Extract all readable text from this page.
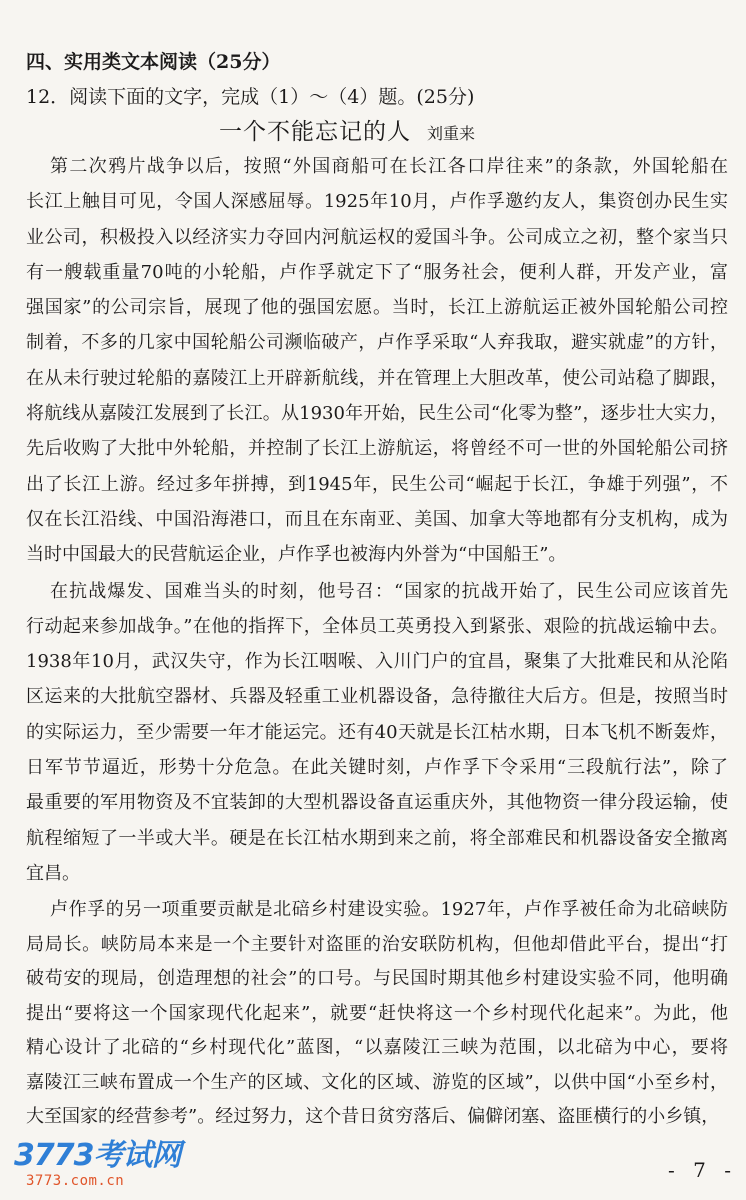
四、实用类文本阅读（25分）
12．阅读下面的文字，完成（1）～（4）题。(25分)
一个不能忘记的人 刘重来
第二次鸦片战争以后，按照“外国商船可在长江各口岸往来”的条款，外国轮船在
长江上触目可见，令国人深感屈辱。1925年10月，卢作孚邀约友人，集资创办民生实
业公司，积极投入以经济实力夺回内河航运权的爱国斗争。公司成立之初，整个家当只
有一艘载重量70吨的小轮船，卢作孚就定下了“服务社会，便利人群，开发产业，富
强国家”的公司宗旨，展现了他的强国宏愿。当时，长江上游航运正被外国轮船公司控
制着，不多的几家中国轮船公司濒临破产，卢作孚采取“人弃我取，避实就虚”的方针，
在从未行驶过轮船的嘉陵江上开辟新航线，并在管理上大胆改革，使公司站稳了脚跟，
将航线从嘉陵江发展到了长江。从1930年开始，民生公司“化零为整”，逐步壮大实力，
先后收购了大批中外轮船，并控制了长江上游航运，将曾经不可一世的外国轮船公司挤
出了长江上游。经过多年拼搏，到1945年，民生公司“崛起于长江，争雄于列强”，不
仅在长江沿线、中国沿海港口，而且在东南亚、美国、加拿大等地都有分支机构，成为
当时中国最大的民营航运企业，卢作孚也被海内外誉为“中国船王”。
在抗战爆发、国难当头的时刻，他号召：“国家的抗战开始了，民生公司应该首先
行动起来参加战争。”在他的指挥下，全体员工英勇投入到紧张、艰险的抗战运输中去。
1938年10月，武汉失守，作为长江咽喉、入川门户的宜昌，聚集了大批难民和从沦陷
区运来的大批航空器材、兵器及轻重工业机器设备，急待撤往大后方。但是，按照当时
的实际运力，至少需要一年才能运完。还有40天就是长江枯水期，日本飞机不断轰炸，
日军节节逼近，形势十分危急。在此关键时刻，卢作孚下令采用“三段航行法”，除了
最重要的军用物资及不宜装卸的大型机器设备直运重庆外，其他物资一律分段运输，使
航程缩短了一半或大半。硬是在长江枯水期到来之前，将全部难民和机器设备安全撤离
宜昌。
卢作孚的另一项重要贡献是北碚乡村建设实验。1927年，卢作孚被任命为北碚峡防
局局长。峡防局本来是一个主要针对盗匪的治安联防机构，但他却借此平台，提出“打
破苟安的现局，创造理想的社会”的口号。与民国时期其他乡村建设实验不同，他明确
提出“要将这一个国家现代化起来”，就要“赶快将这一个乡村现代化起来”。为此，他
精心设计了北碚的“乡村现代化”蓝图，“以嘉陵江三峡为范围，以北碚为中心，要将
嘉陵江三峡布置成一个生产的区域、文化的区域、游览的区域”，以供中国“小至乡村，
大至国家的经营参考”。经过努力，这个昔日贫穷落后、偏僻闭塞、盗匪横行的小乡镇，
3773考试网
3773.com.cn	- 7 -
